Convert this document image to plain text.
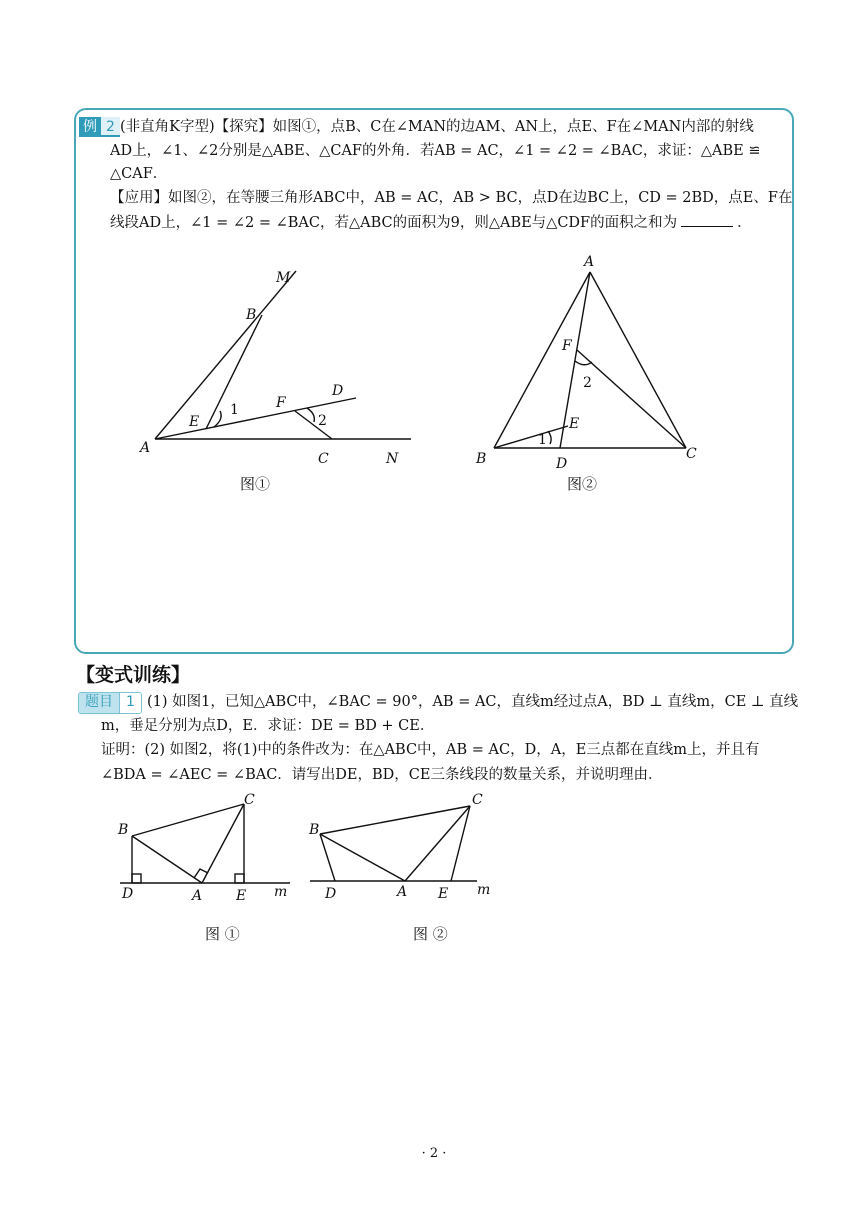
例 2 (非直角K字型)【探究】如图①，点B、C在∠MAN的边AM、AN上，点E、F在∠MAN内部的射线
AD上，∠1、∠2分别是△ABE、△CAF的外角．若AB = AC，∠1 = ∠2 = ∠BAC，求证：△ABE ≌
△CAF．
【应用】如图②，在等腰三角形ABC中，AB = AC，AB > BC，点D在边BC上，CD = 2BD，点E、F在
线段AD上，∠1 = ∠2 = ∠BAC，若△ABC的面积为9，则△ABE与△CDF的面积之和为	．
M
B
D
F
E
A
C	N
1
2
图①
A
F
2
E
1
B	D
C
图②
【变式训练】
题目 1 (1) 如图1，已知△ABC中，∠BAC = 90°，AB = AC，直线m经过点A，BD ⊥ 直线m，CE ⊥ 直线
m，垂足分别为点D，E．求证：DE = BD + CE．
证明：(2) 如图2，将(1)中的条件改为：在△ABC中，AB = AC，D，A，E三点都在直线m上，并且有
∠BDA = ∠AEC = ∠BAC．请写出DE，BD，CE三条线段的数量关系，并说明理由．
B
C
D	A E m
图 ①
B
C
D	A E m
图 ②
· 2 ·
